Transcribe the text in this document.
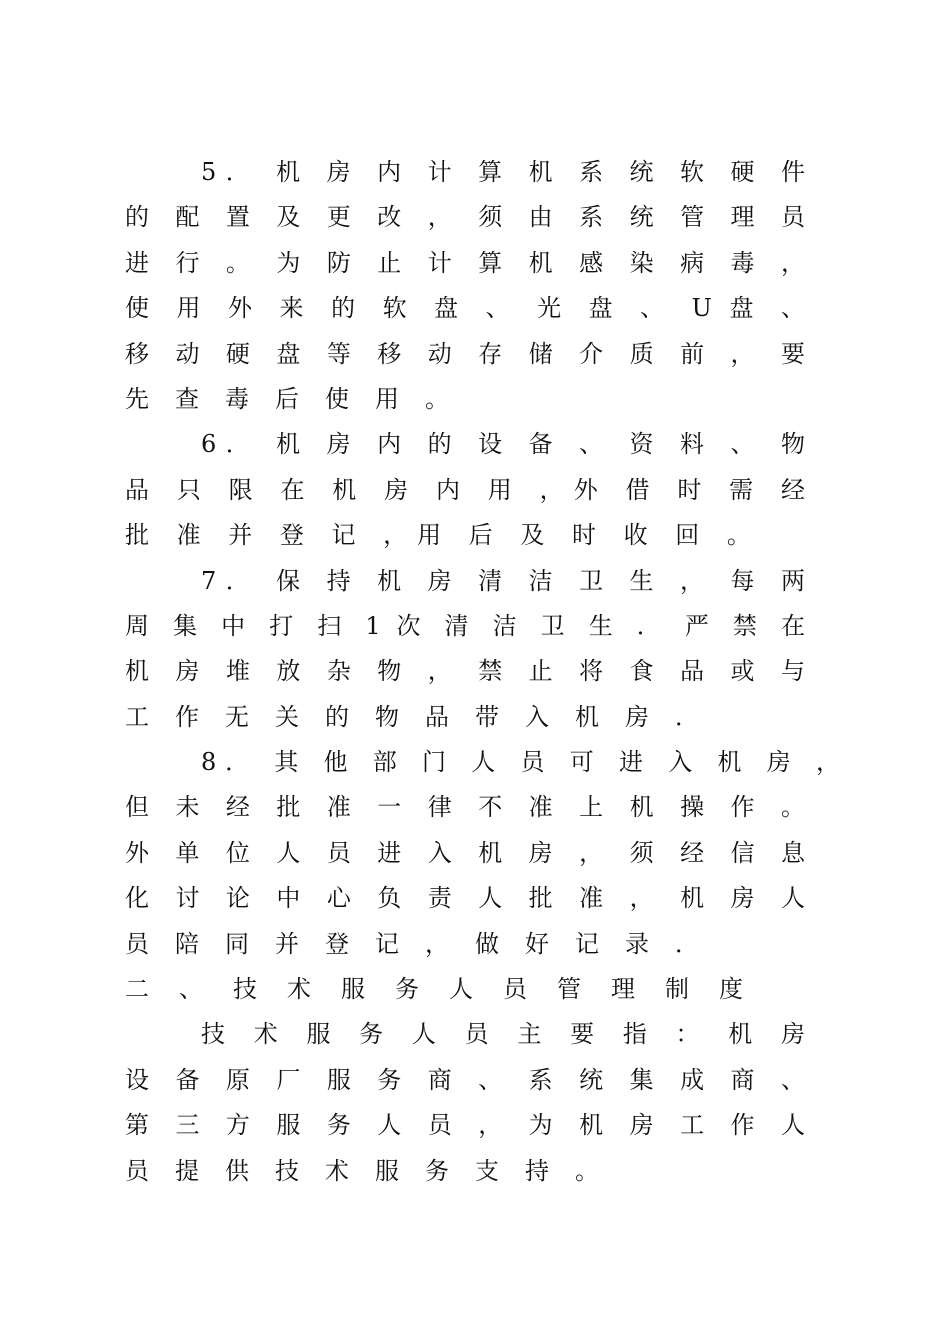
5． 机 房 内 计 算 机 系 统 软 硬 件
的 配 置 及 更 改 ， 须 由 系 统 管 理 员
进 行 。 为 防 止 计 算 机 感 染 病 毒 ，
使 用 外 来 的 软 盘 、 光 盘 、 U 盘 、
移 动 硬 盘 等 移 动 存 储 介 质 前 ， 要
先查毒后使用。
6． 机 房 内 的 设 备 、 资 料 、 物
品 只 限 在 机 房 内 用 ，外 借 时 需 经
批 准 并 登 记 ，用 后 及 时 收 回 。
7． 保 持 机 房 清 洁 卫 生 ， 每 两
周 集 中 打 扫 1 次 清 洁 卫 生 ． 严 禁 在
机 房 堆 放 杂 物 ， 禁 止 将 食 品 或 与
工作无关的物品带入机房．
8． 其 他 部 门 人 员 可 进 入 机 房 ，
但 未 经 批 准 一 律 不 准 上 机 操 作 。
外 单 位 人 员 进 入 机 房 ， 须 经 信 息
化 讨 论 中 心 负 责 人 批 准 ， 机 房 人
员陪同并登记，做好记录．
二、技术服务人员管理制度
技 术 服 务 人 员 主 要 指 ： 机 房
设 备 原 厂 服 务 商 、 系 统 集 成 商 、
第 三 方 服 务 人 员 ， 为 机 房 工 作 人
员提供技术服务支持。
